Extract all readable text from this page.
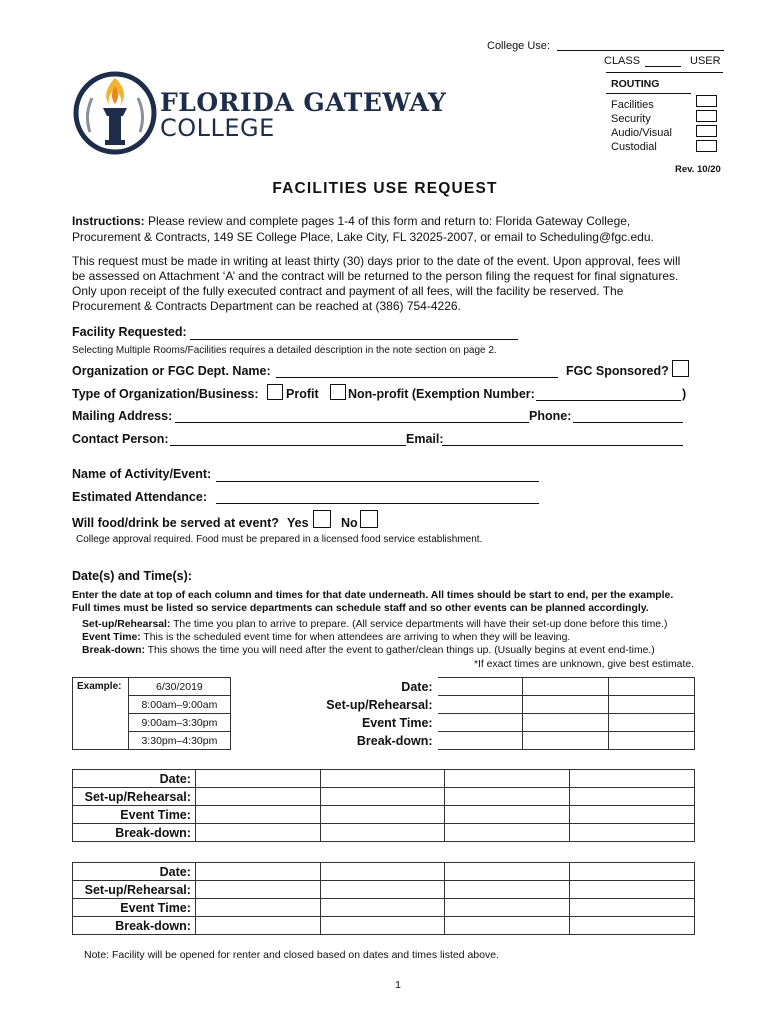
College Use:
CLASS	USER
ROUTING
Facilities
Security
Audio/Visual
Custodial
Rev. 10/20
FLORIDA GATEWAY
COLLEGE
FACILITIES USE REQUEST
Instructions: Please review and complete pages 1-4 of this form and return to: Florida Gateway College,
Procurement & Contracts, 149 SE College Place, Lake City, FL 32025-2007, or email to Scheduling@fgc.edu.
This request must be made in writing at least thirty (30) days prior to the date of the event. Upon approval, fees will
be assessed on Attachment ‘A’ and the contract will be returned to the person filing the request for final signatures.
Only upon receipt of the fully executed contract and payment of all fees, will the facility be reserved. The
Procurement & Contracts Department can be reached at (386) 754-4226.
Facility Requested:
Selecting Multiple Rooms/Facilities requires a detailed description in the note section on page 2.
Organization or FGC Dept. Name:	FGC Sponsored?
Type of Organization/Business: Profit Non-profit (Exemption Number:	)
Mailing Address:	Phone:
Contact Person:	Email:
Name of Activity/Event:
Estimated Attendance:
Will food/drink be served at event? Yes	No
College approval required. Food must be prepared in a licensed food service establishment.
Date(s) and Time(s):
Enter the date at top of each column and times for that date underneath. All times should be start to end, per the example.
Full times must be listed so service departments can schedule staff and so other events can be planned accordingly.
Set-up/Rehearsal: The time you plan to arrive to prepare. (All service departments will have their set-up done before this time.)
Event Time: This is the scheduled event time for when attendees are arriving to when they will be leaving.
Break-down: This shows the time you will need after the event to gather/clean things up. (Usually begins at event end-time.)
*If exact times are unknown, give best estimate.
Example:	6/30/2019	Date:			
	8:00am–9:00am	Set-up/Rehearsal:			
	9:00am–3:30pm	Event Time:			
	3:30pm–4:30pm	Break-down:			
Date:				
Set-up/Rehearsal:				
Event Time:				
Break-down:				
Date:				
Set-up/Rehearsal:				
Event Time:				
Break-down:				
Note: Facility will be opened for renter and closed based on dates and times listed above.
1
